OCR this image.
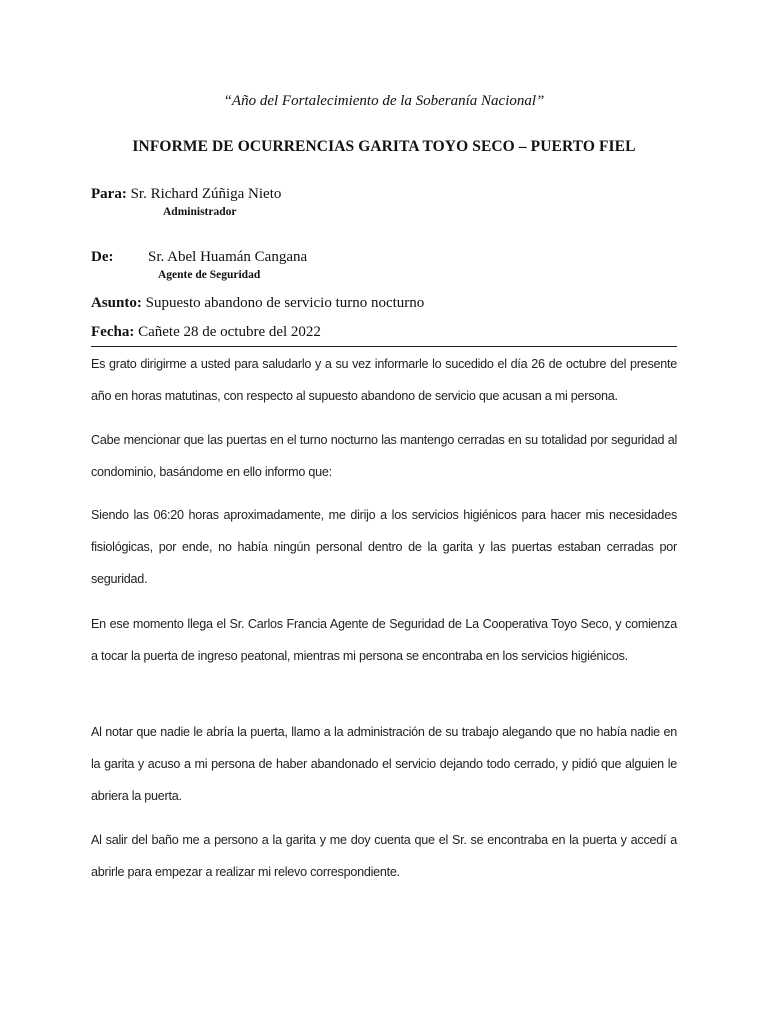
“Año del Fortalecimiento de la Soberanía Nacional”
INFORME DE OCURRENCIAS GARITA TOYO SECO – PUERTO FIEL
Para: Sr. Richard Zúñiga Nieto
Administrador
De: Sr. Abel Huamán Cangana
Agente de Seguridad
Asunto: Supuesto abandono de servicio turno nocturno
Fecha: Cañete 28 de octubre del 2022

Es grato dirigirme a usted para saludarlo y a su vez informarle lo sucedido el día 26 de octubre del presente año en horas matutinas, con respecto al supuesto abandono de servicio que acusan a mi persona.

Cabe mencionar que las puertas en el turno nocturno las mantengo cerradas en su totalidad por seguridad al condominio, basándome en ello informo que:

Siendo las 06:20 horas aproximadamente, me dirijo a los servicios higiénicos para hacer mis necesidades fisiológicas, por ende, no había ningún personal dentro de la garita y las puertas estaban cerradas por seguridad.

En ese momento llega el Sr. Carlos Francia Agente de Seguridad de La Cooperativa Toyo Seco, y comienza a tocar la puerta de ingreso peatonal, mientras mi persona se encontraba en los servicios higiénicos.

Al notar que nadie le abría la puerta, llamo a la administración de su trabajo alegando que no había nadie en la garita y acuso a mi persona de haber abandonado el servicio dejando todo cerrado, y pidió que alguien le abriera la puerta.

Al salir del baño me a persono a la garita y me doy cuenta que el Sr. se encontraba en la puerta y accedí a abrirle para empezar a realizar mi relevo correspondiente.
